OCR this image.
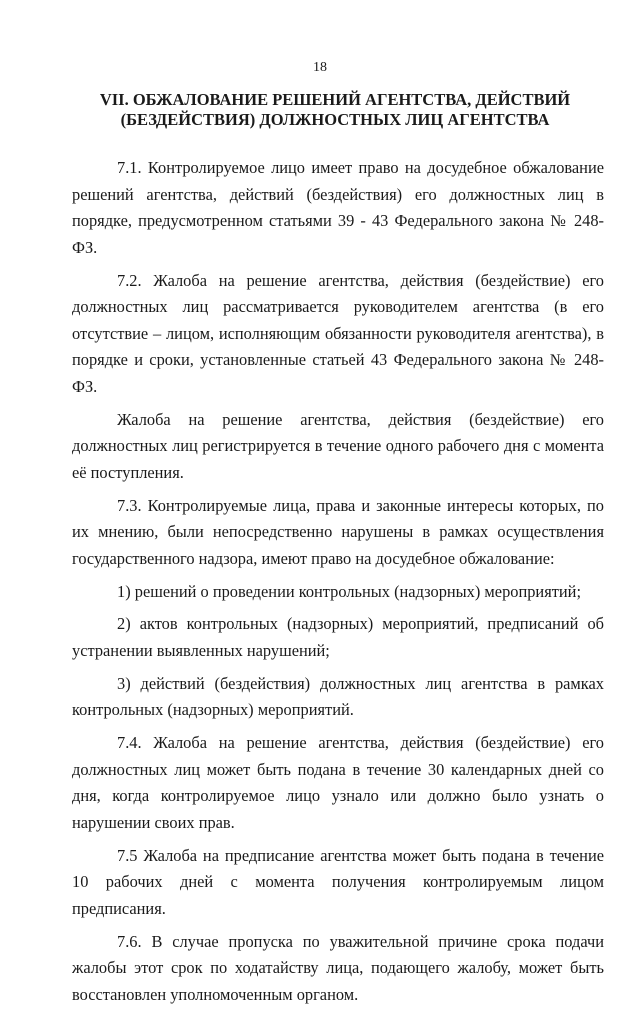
18
VII. ОБЖАЛОВАНИЕ РЕШЕНИЙ АГЕНТСТВА, ДЕЙСТВИЙ (БЕЗДЕЙСТВИЯ) ДОЛЖНОСТНЫХ ЛИЦ АГЕНТСТВА

7.1. Контролируемое лицо имеет право на досудебное обжалование решений агентства, действий (бездействия) его должностных лиц в порядке, предусмотренном статьями 39 - 43 Федерального закона № 248-ФЗ.

7.2. Жалоба на решение агентства, действия (бездействие) его должностных лиц рассматривается руководителем агентства (в его отсутствие – лицом, исполняющим обязанности руководителя агентства), в порядке и сроки, установленные статьей 43 Федерального закона № 248-ФЗ.

Жалоба на решение агентства, действия (бездействие) его должностных лиц регистрируется в течение одного рабочего дня с момента её поступления.

7.3. Контролируемые лица, права и законные интересы которых, по их мнению, были непосредственно нарушены в рамках осуществления государственного надзора, имеют право на досудебное обжалование:

1) решений о проведении контрольных (надзорных) мероприятий;

2) актов контрольных (надзорных) мероприятий, предписаний об устранении выявленных нарушений;

3) действий (бездействия) должностных лиц агентства в рамках контрольных (надзорных) мероприятий.

7.4. Жалоба на решение агентства, действия (бездействие) его должностных лиц может быть подана в течение 30 календарных дней со дня, когда контролируемое лицо узнало или должно было узнать о нарушении своих прав.

7.5 Жалоба на предписание агентства может быть подана в течение 10 рабочих дней с момента получения контролируемым лицом предписания.

7.6. В случае пропуска по уважительной причине срока подачи жалобы этот срок по ходатайству лица, подающего жалобу, может быть восстановлен уполномоченным органом.
